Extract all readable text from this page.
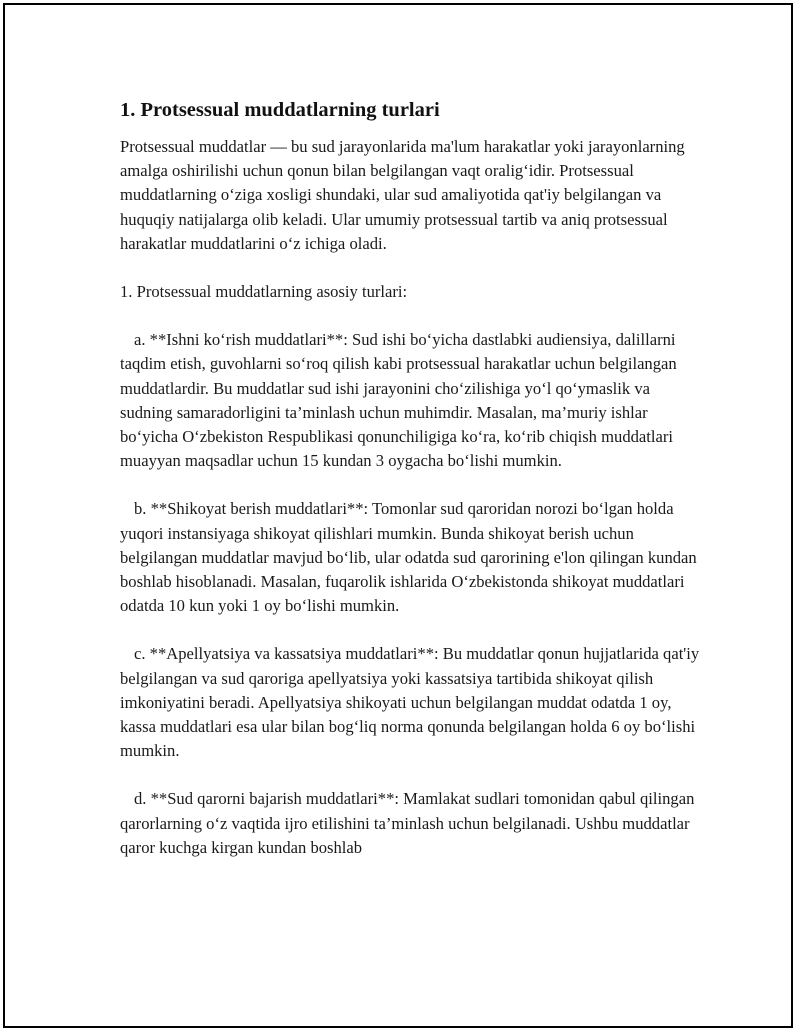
1. Protsessual muddatlarning turlari

Protsessual muddatlar — bu sud jarayonlarida ma'lum harakatlar yoki jarayonlarning amalga oshirilishi uchun qonun bilan belgilangan vaqt oralig‘idir. Protsessual muddatlarning o‘ziga xosligi shundaki, ular sud amaliyotida qat'iy belgilangan va huquqiy natijalarga olib keladi. Ular umumiy protsessual tartib va aniq protsessual harakatlar muddatlarini o‘z ichiga oladi.

1. Protsessual muddatlarning asosiy turlari:

a. **Ishni ko‘rish muddatlari**: Sud ishi bo‘yicha dastlabki audiensiya, dalillarni taqdim etish, guvohlarni so‘roq qilish kabi protsessual harakatlar uchun belgilangan muddatlardir. Bu muddatlar sud ishi jarayonini cho‘zilishiga yo‘l qo‘ymaslik va sudning samaradorligini ta’minlash uchun muhimdir. Masalan, ma’muriy ishlar bo‘yicha O‘zbekiston Respublikasi qonunchiligiga ko‘ra, ko‘rib chiqish muddatlari muayyan maqsadlar uchun 15 kundan 3 oygacha bo‘lishi mumkin.

b. **Shikoyat berish muddatlari**: Tomonlar sud qaroridan norozi bo‘lgan holda yuqori instansiyaga shikoyat qilishlari mumkin. Bunda shikoyat berish uchun belgilangan muddatlar mavjud bo‘lib, ular odatda sud qarorining e'lon qilingan kundan boshlab hisoblanadi. Masalan, fuqarolik ishlarida O‘zbekistonda shikoyat muddatlari odatda 10 kun yoki 1 oy bo‘lishi mumkin.

c. **Apellyatsiya va kassatsiya muddatlari**: Bu muddatlar qonun hujjatlarida qat'iy belgilangan va sud qaroriga apellyatsiya yoki kassatsiya tartibida shikoyat qilish imkoniyatini beradi. Apellyatsiya shikoyati uchun belgilangan muddat odatda 1 oy, kassa muddatlari esa ular bilan bog‘liq norma qonunda belgilangan holda 6 oy bo‘lishi mumkin.

d. **Sud qarorni bajarish muddatlari**: Mamlakat sudlari tomonidan qabul qilingan qarorlarning o‘z vaqtida ijro etilishini ta’minlash uchun belgilanadi. Ushbu muddatlar qaror kuchga kirgan kundan boshlab
